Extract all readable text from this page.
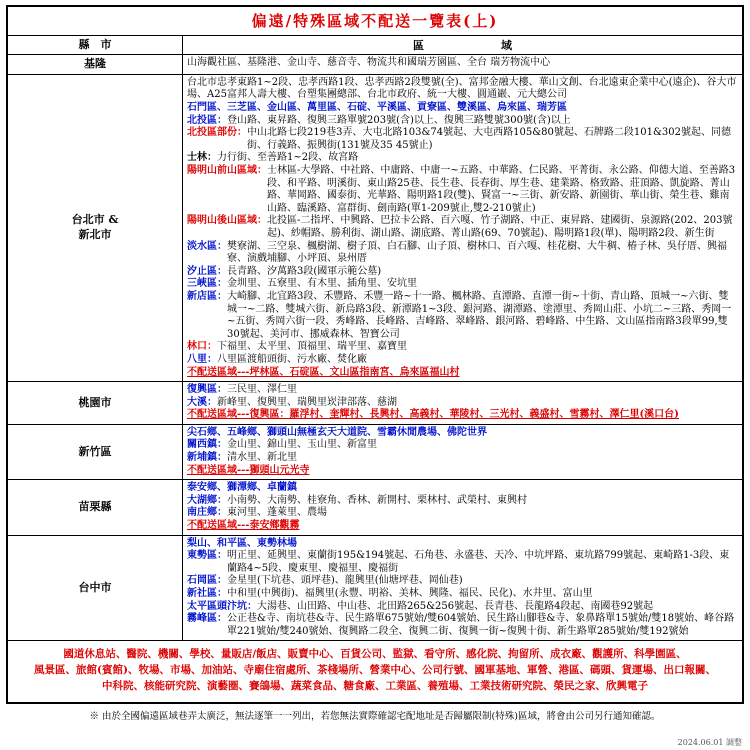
偏遠/特殊區域不配送一覽表(上)
縣　市	區　　　　　　　域
基隆	山海觀社區、基隆港、金山寺、慈音寺、物流共和國瑞芳園區、全台 瑞芳物流中心
台北市 &
新北市
台北市忠孝東路1~2段、忠孝西路1段、忠孝西路2段雙號(全)、富邦金融大樓、華山文創、台北遠東企業中心(遠企)、谷大市場、A25富邦人壽大樓、台塑集團總部、台北市政府、統一大樓、圓通巖、元大總公司
石門區、三芝區、金山區、萬里區、石碇、平溪區、貢寮區、雙溪區、烏來區、瑞芳區
北投區： 登山路、東昇路、復興三路單號203號(含)以上、復興三路雙號300號(含)以上
北投區部份： 中山北路七段219巷3弄、大屯北路103&74號起、大屯西路105&80號起、石牌路二段101&302號起、同德街、行義路、振興街(131號及35 45號止)
士林： 力行街、至善路1~2段、故宮路
陽明山前山區域： 士林區-大學路、中社路、中庸路、中庸一~五路、中華路、仁民路、平菁街、永公路、仰德大道、至善路3段、和平路、明溪街、東山路25巷、長生巷、長春街、厚生巷、建業路、格致路、莊頂路、凱旋路、菁山路、華岡路、國泰街、光華路、陽明路1段(雙)、賢富一~三街、新安路、新園街、華山街、榮生巷、雞南山路、臨溪路、富群街、劍南路(單1-209號止,雙2-210號止)
陽明山後山區域： 北投區-二指坪、中興路、巴拉卡公路、百六嘎、竹子湖路、中正、東昇路、建國街、泉源路(202、203號起)、紗帽路、勝利街、湖山路、湖底路、菁山路(69、70號起)、陽明路1段(單)、陽明路2段、新生街
淡水區： 樊寮湖、三空泉、楓樹湖、樹子頂、白石腳、山子頂、樹林口、百六嘎、桂花樹、大牛稠、椿子林、吳仔厝、興福寮、演戲埔腳、小坪頂、泉州厝
汐止區： 長青路、汐萬路3段(國軍示範公墓)
三峽區： 金圳里、五寮里、有木里、插角里、安坑里
新店區： 大崎腳、北宜路3段、禾豐路、禾豐一路~十一路、楓林路、直潭路、直潭一街~十街、青山路、頂城一~六街、雙城一~二路、雙城六街、新烏路3段、新潭路1~3段、銀河路、湖潭路、塗潭里、秀岡山莊、小坑二~三路、秀岡一~五街、秀岡六街一段、秀峰路、長峰路、吉峰路、翠峰路、銀河路、碧峰路、中生路、文山區指南路3段單99,雙30號起、美河市、挪威森林、智寶公司
林口： 下福里、太平里、頂福里、瑞平里、嘉寶里
八里： 八里區渡船頭街、污水廠、焚化廠
不配送區域---坪林區、石碇區、文山區指南宮、烏來區福山村
桃園市
復興區： 三民里、澤仁里
大溪： 新峰里、復興里、瑞興里崁津部落、慈湖
不配送區域---復興區：羅浮村、奎輝村、長興村、高義村、華陵村、三光村、義盛村、雪霧村、澤仁里(溪口台)
新竹區
尖石鄉、五峰鄉、獅頭山無極玄天大道院、雪霸休閒農場、佛陀世界
關西鎮： 金山里、錦山里、玉山里、新富里
新埔鎮： 清水里、新北里
不配送區域---獅頭山元光寺
苗栗縣
泰安鄉、獅潭鄉、卓蘭鎮
大湖鄉： 小南勢、大南勢、桂寮角、香林、新開村、栗林村、武榮村、東興村
南庄鄉： 東河里、蓬萊里、農場
不配送區域---泰安鄉觀霧
台中市
梨山、和平區、東勢林場
東勢區： 明正里、延興里、東蘭街195&194號起、石角巷、永盛巷、天冷、中坑坪路、東坑路799號起、東崎路1-3段、東蘭路4~5段、慶東里、慶福里、慶福街
石岡區： 金星里(下坑巷、頭坪巷)、龍興里(仙塘坪巷、岡仙巷)
新社區： 中和里(中興街)、福興里(永豐、明裕、美林、興隆、福民、民化)、水井里、富山里
太平區頭汴坑： 大湯巷、山田路、中山巷、北田路265&256號起、長青巷、長龍路4段起、南國巷92號起
霧峰區： 公正巷&寺、南坑巷&寺、民生路單675號始/雙604號始、民生路山腳巷&寺、象鼻路單15號始/雙18號始、峰谷路單221號始/雙240號始、復興路二段全、復興二街、復興一街~復興十街、新生路單285號始/雙192號始
國道休息站、醫院、機關、學校、量販店/飯店、販賣中心、百貨公司、監獄、看守所、感化院、拘留所、成衣廠、觀護所、科學園區、
風景區、旅館(賓館)、牧場、市場、加油站、寺廟住宿處所、茶棧場所、營業中心、公司行號、國軍基地、軍營、港區、碼頭、貨運場、出口報關、
中科院、核能研究院、演藝圈、賽鴿場、蔬菜食品、糖食廠、工業區、養殖場、工業技術研究院、榮民之家、欣興電子
※ 由於全國偏遠區域巷弄太廣泛，無法逐筆一一列出，若您無法實際確認宅配地址是否歸屬限制(特殊)區域，將會由公司另行通知確認。
2024.06.01 調整
